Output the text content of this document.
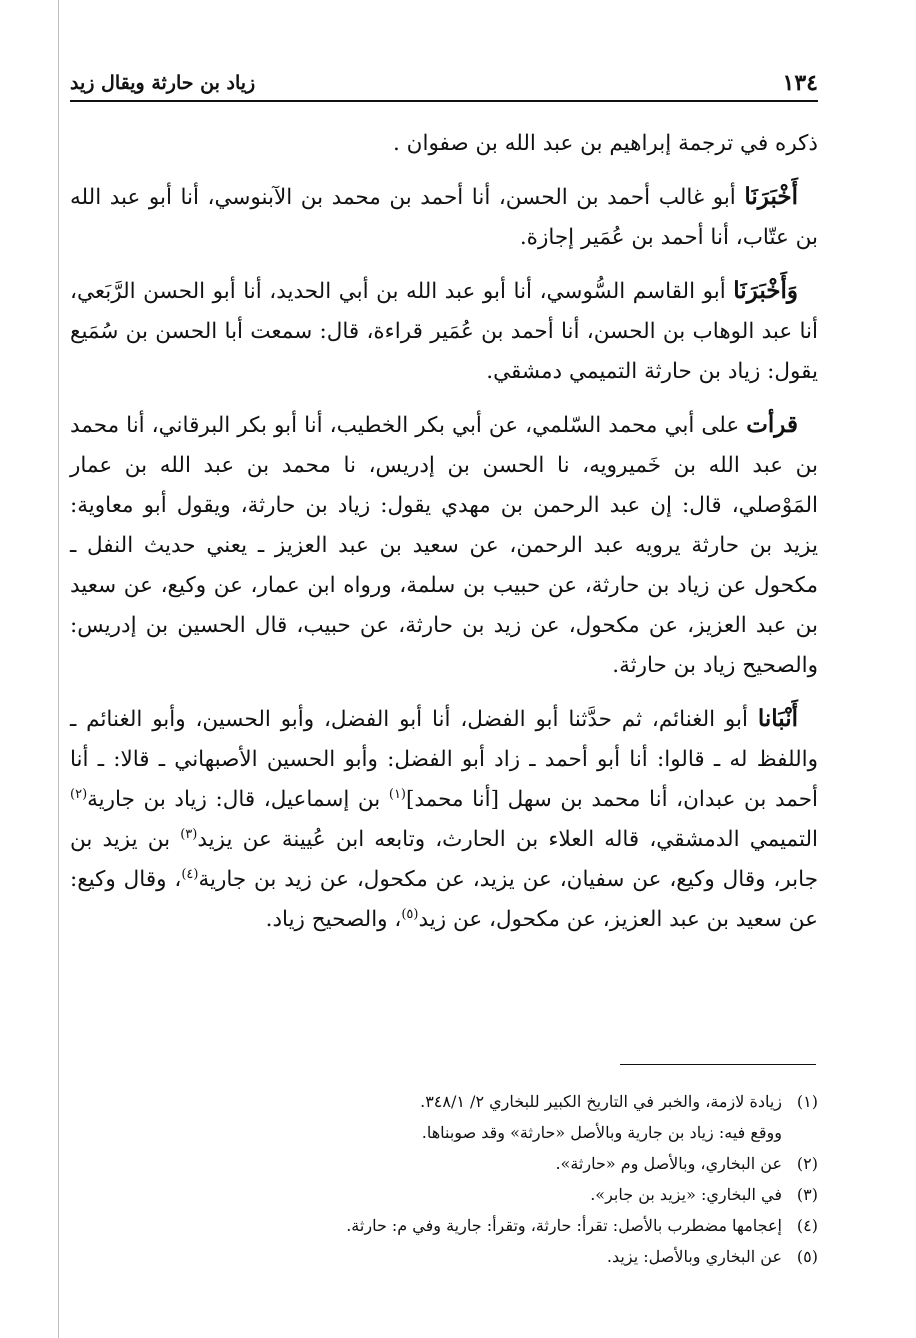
١٣٤
زياد بن حارثة ويقال زيد

ذكره في ترجمة إبراهيم بن عبد الله بن صفوان .

أَخْبَرَنَا أبو غالب أحمد بن الحسن، أنا أحمد بن محمد بن الآبنوسي، أنا أبو عبد الله بن عتّاب، أنا أحمد بن عُمَير إجازة.

وَأَخْبَرَنَا أبو القاسم السُّوسي، أنا أبو عبد الله بن أبي الحديد، أنا أبو الحسن الرَّبَعي، أنا عبد الوهاب بن الحسن، أنا أحمد بن عُمَير قراءة، قال: سمعت أبا الحسن بن سُمَيع يقول: زياد بن حارثة التميمي دمشقي.

قرأت على أبي محمد السّلمي، عن أبي بكر الخطيب، أنا أبو بكر البرقاني، أنا محمد بن عبد الله بن خَميرويه، نا الحسن بن إدريس، نا محمد بن عبد الله بن عمار المَوْصلي، قال: إن عبد الرحمن بن مهدي يقول: زياد بن حارثة، ويقول أبو معاوية: يزيد بن حارثة يرويه عبد الرحمن، عن سعيد بن عبد العزيز ـ يعني حديث النفل ـ مكحول عن زياد بن حارثة، عن حبيب بن سلمة، ورواه ابن عمار، عن وكيع، عن سعيد بن عبد العزيز، عن مكحول، عن زيد بن حارثة، عن حبيب، قال الحسين بن إدريس: والصحيح زياد بن حارثة.

أَنْبَانا أبو الغنائم، ثم حدَّثنا أبو الفضل، أنا أبو الفضل، وأبو الحسين، وأبو الغنائم ـ واللفظ له ـ قالوا: أنا أبو أحمد ـ زاد أبو الفضل: وأبو الحسين الأصبهاني ـ قالا: ـ أنا أحمد بن عبدان، أنا محمد بن سهل [أنا محمد]$^{(١)}$ بن إسماعيل، قال: زياد بن جارية$^{(٢)}$ التميمي الدمشقي، قاله العلاء بن الحارث، وتابعه ابن عُيينة عن يزيد$^{(٣)}$ بن يزيد بن جابر، وقال وكيع، عن سفيان، عن يزيد، عن مكحول، عن زيد بن جارية$^{(٤)}$، وقال وكيع: عن سعيد بن عبد العزيز، عن مكحول، عن زيد$^{(٥)}$، والصحيح زياد.

(١)
زيادة لازمة، والخبر في التاريخ الكبير للبخاري ٢/ ٣٤٨/١.

ووقع فيه: زياد بن جارية وبالأصل «حارثة» وقد صوبناها.

(٢)
عن البخاري، وبالأصل وم «حارثة».
(٣)
في البخاري: «يزيد بن جابر».
(٤)
إعجامها مضطرب بالأصل: تقرأ: حارثة، وتقرأ: جارية وفي م: حارثة.
(٥)
عن البخاري وبالأصل: يزيد.
